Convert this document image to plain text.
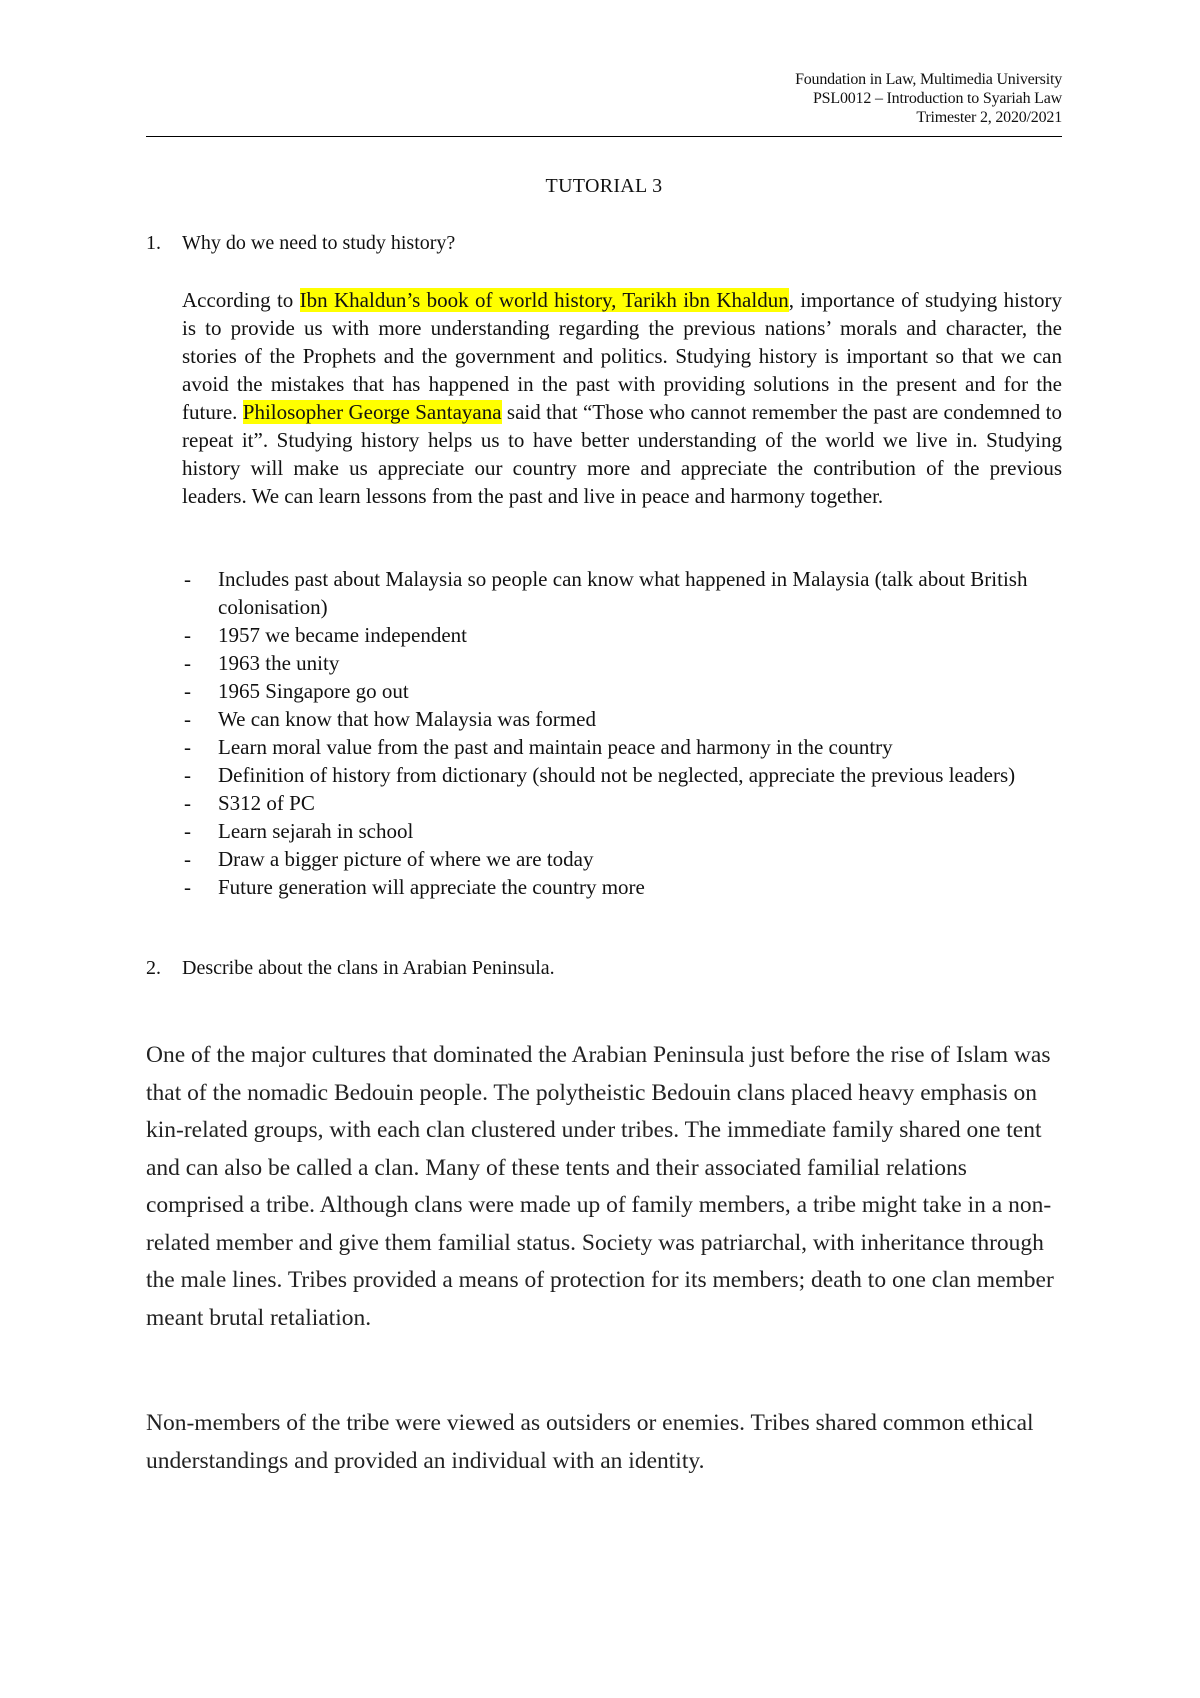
Foundation in Law, Multimedia University
PSL0012 – Introduction to Syariah Law
Trimester 2, 2020/2021
TUTORIAL 3
1. Why do we need to study history?
According to Ibn Khaldun’s book of world history, Tarikh ibn Khaldun, importance of studying history is to provide us with more understanding regarding the previous nations’ morals and character, the stories of the Prophets and the government and politics. Studying history is important so that we can avoid the mistakes that has happened in the past with providing solutions in the present and for the future. Philosopher George Santayana said that “Those who cannot remember the past are condemned to repeat it”. Studying history helps us to have better understanding of the world we live in. Studying history will make us appreciate our country more and appreciate the contribution of the previous leaders. We can learn lessons from the past and live in peace and harmony together.
- Includes past about Malaysia so people can know what happened in Malaysia (talk about British colonisation)
- 1957 we became independent
- 1963 the unity
- 1965 Singapore go out
- We can know that how Malaysia was formed
- Learn moral value from the past and maintain peace and harmony in the country
- Definition of history from dictionary (should not be neglected, appreciate the previous leaders)
- S312 of PC
- Learn sejarah in school
- Draw a bigger picture of where we are today
- Future generation will appreciate the country more
2. Describe about the clans in Arabian Peninsula.
One of the major cultures that dominated the Arabian Peninsula just before the rise of Islam was that of the nomadic Bedouin people. The polytheistic Bedouin clans placed heavy emphasis on kin-related groups, with each clan clustered under tribes. The immediate family shared one tent and can also be called a clan. Many of these tents and their associated familial relations comprised a tribe. Although clans were made up of family members, a tribe might take in a non-related member and give them familial status. Society was patriarchal, with inheritance through the male lines. Tribes provided a means of protection for its members; death to one clan member meant brutal retaliation.
Non-members of the tribe were viewed as outsiders or enemies. Tribes shared common ethical understandings and provided an individual with an identity.
